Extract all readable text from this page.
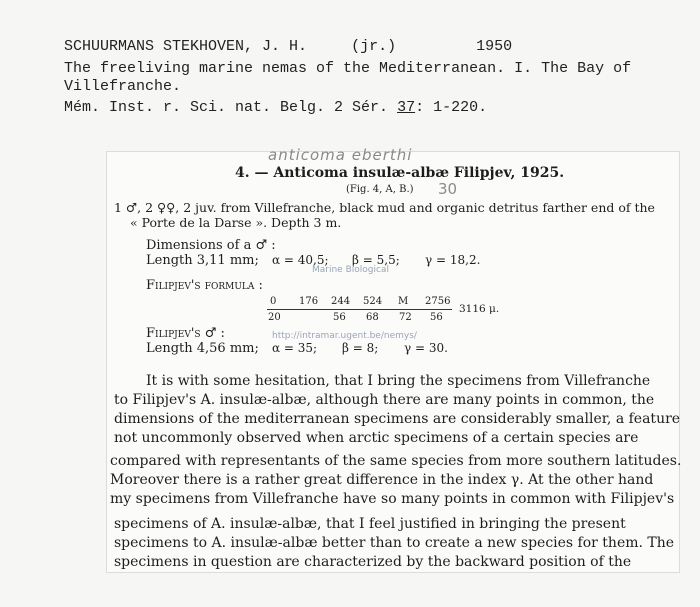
SCHUURMANS STEKHOVEN, J. H.	(jr.)	1950
The freeliving marine nemas of the Mediterranean. I. The Bay of
Villefranche.
Mém. Inst. r. Sci. nat. Belg. 2 Sér. 37: 1-220.
anticoma eberthi
30
4. — Anticoma insulæ-albæ Filipjev, 1925.
(Fig. 4, A, B.)
1 ♂, 2 ♀♀, 2 juv. from Villefranche, black mud and organic detritus farther end of the
« Porte de la Darse ». Depth 3 m.
Dimensions of a ♂ :
Length 3,11 mm; α = 40,5; β = 5,5; γ = 18,2.
Marine Biological
Filipjev's formula :
0 176 244 524 M 2756
20	56 68 72 56
3116 μ.
Filipjev's ♂ :	http://intramar.ugent.be/nemys/
Length 4,56 mm; α = 35; β = 8; γ = 30.
It is with some hesitation, that I bring the specimens from Villefranche
to Filipjev's A. insulæ-albæ, although there are many points in common, the
dimensions of the mediterranean specimens are considerably smaller, a feature
not uncommonly observed when arctic specimens of a certain species are
compared with representants of the same species from more southern latitudes.
Moreover there is a rather great difference in the index γ. At the other hand
my specimens from Villefranche have so many points in common with Filipjev's
specimens of A. insulæ-albæ, that I feel justified in bringing the present
specimens to A. insulæ-albæ better than to create a new species for them. The
specimens in question are characterized by the backward position of the
